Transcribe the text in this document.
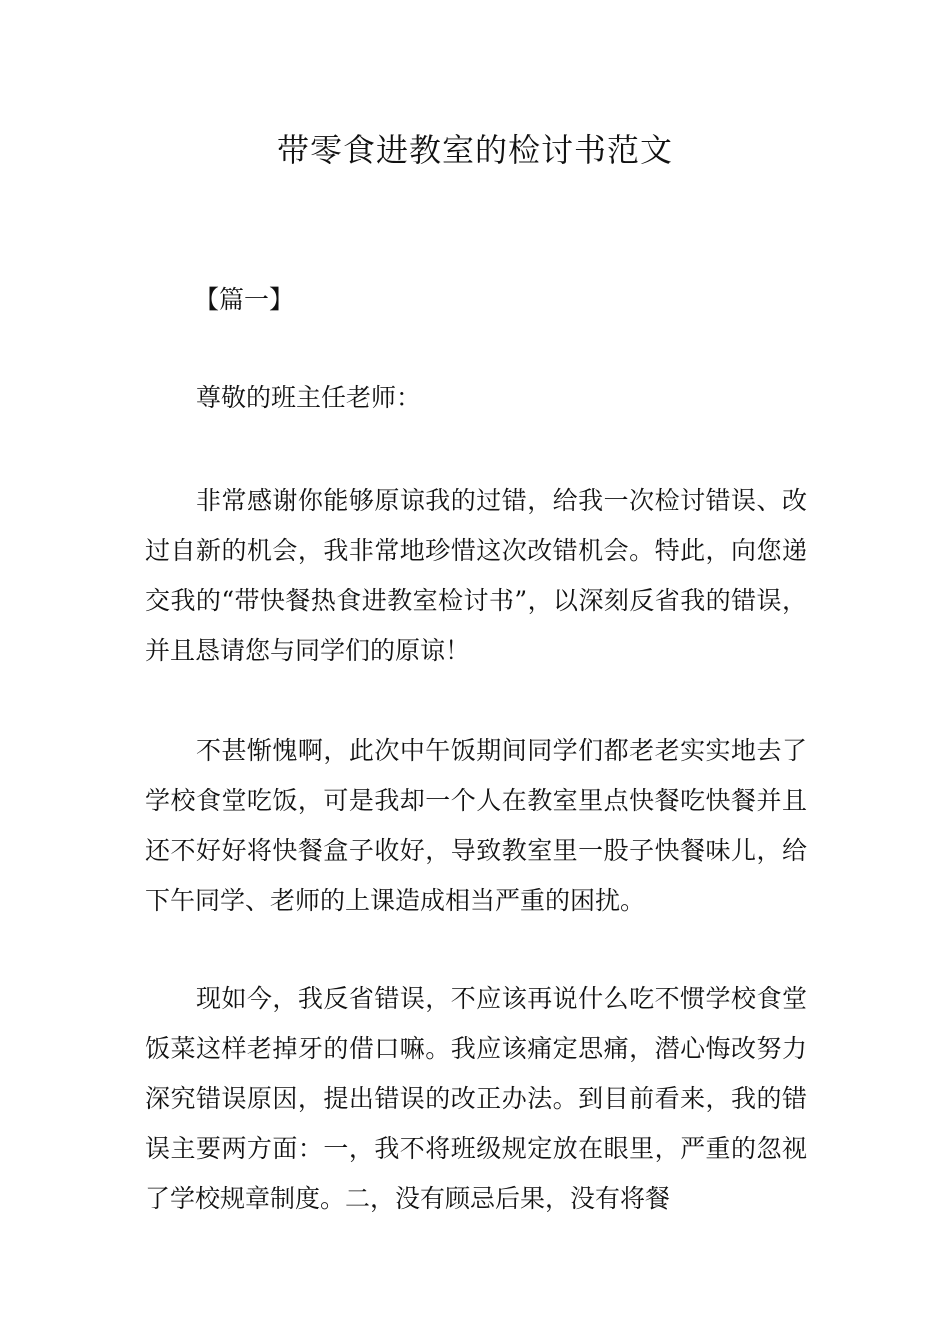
带零食进教室的检讨书范文

【篇一】

尊敬的班主任老师：

非常感谢你能够原谅我的过错，给我一次检讨错误、改过自新的机会，我非常地珍惜这次改错机会。特此，向您递交我的“带快餐热食进教室检讨书”，以深刻反省我的错误，并且恳请您与同学们的原谅！

不甚惭愧啊，此次中午饭期间同学们都老老实实地去了学校食堂吃饭，可是我却一个人在教室里点快餐吃快餐并且还不好好将快餐盒子收好，导致教室里一股子快餐味儿，给下午同学、老师的上课造成相当严重的困扰。

现如今，我反省错误，不应该再说什么吃不惯学校食堂饭菜这样老掉牙的借口嘛。我应该痛定思痛，潜心悔改努力深究错误原因，提出错误的改正办法。到目前看来，我的错误主要两方面：一，我不将班级规定放在眼里，严重的忽视了学校规章制度。二，没有顾忌后果，没有将餐
